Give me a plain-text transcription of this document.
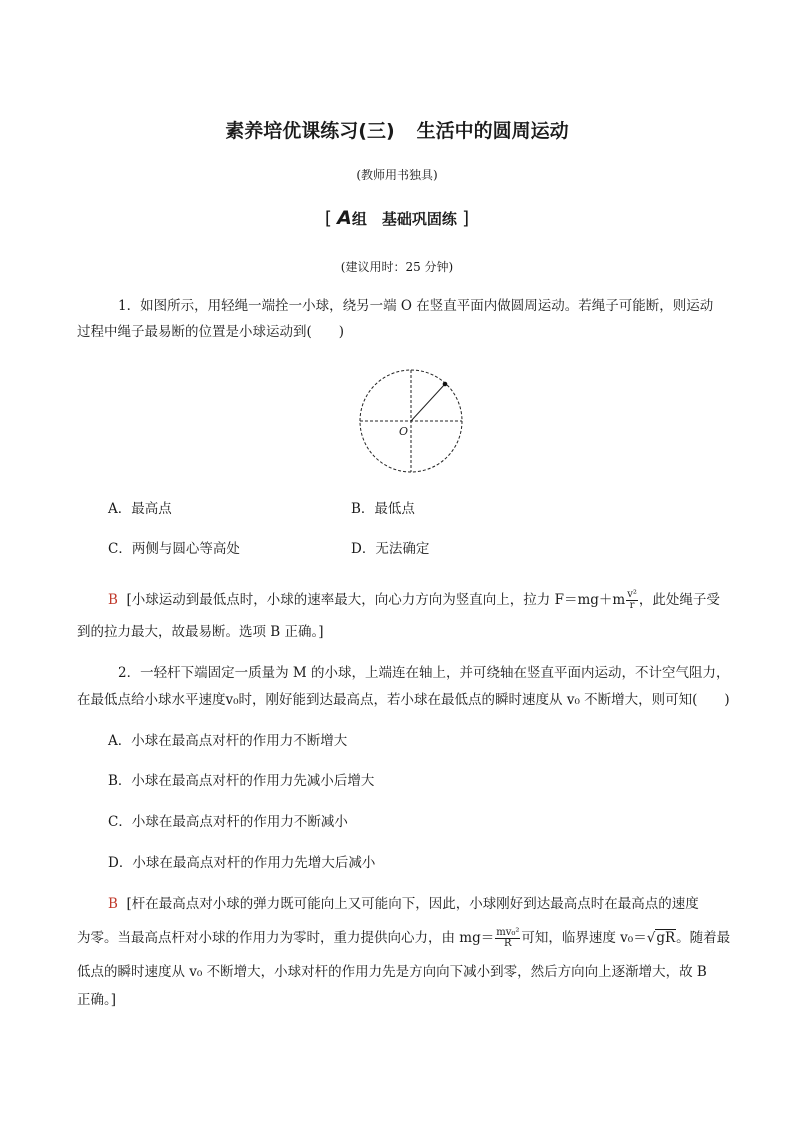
素养培优课练习(三) 生活中的圆周运动
(教师用书独具)
[ A组　基础巩固练 ]
(建议用时：25 分钟)
1．如图所示，用轻绳一端拴一小球，绕另一端 O 在竖直平面内做圆周运动。若绳子可能断，则运动
过程中绳子最易断的位置是小球运动到(　　)
O
A．最高点	B．最低点
C．两侧与圆心等高处	D．无法确定
B [小球运动到最低点时，小球的速率最大，向心力方向为竖直向上，拉力 $F=mg+m \frac{\text{v²}}{r}$ ，此处绳子受
到的拉力最大，故最易断。选项 B 正确。]
2．一轻杆下端固定一质量为 M 的小球，上端连在轴上，并可绕轴在竖直平面内运动，不计空气阻力，
在最低点给小球水平速度v₀时，刚好能到达最高点，若小球在最低点的瞬时速度从 v₀ 不断增大，则可知(　　)
A．小球在最高点对杆的作用力不断增大
B．小球在最高点对杆的作用力先减小后增大
C．小球在最高点对杆的作用力不断减小
D．小球在最高点对杆的作用力先增大后减小
B [杆在最高点对小球的弹力既可能向上又可能向下，因此，小球刚好到达最高点时在最高点的速度
为零。当最高点杆对小球的作用力为零时，重力提供向心力，由 $mg= \frac{\text{mv₀²}}{R}$ 可知，临界速度 v₀＝√gR。随着最
低点的瞬时速度从 v₀ 不断增大，小球对杆的作用力先是方向向下减小到零，然后方向向上逐渐增大，故 B
正确。]
